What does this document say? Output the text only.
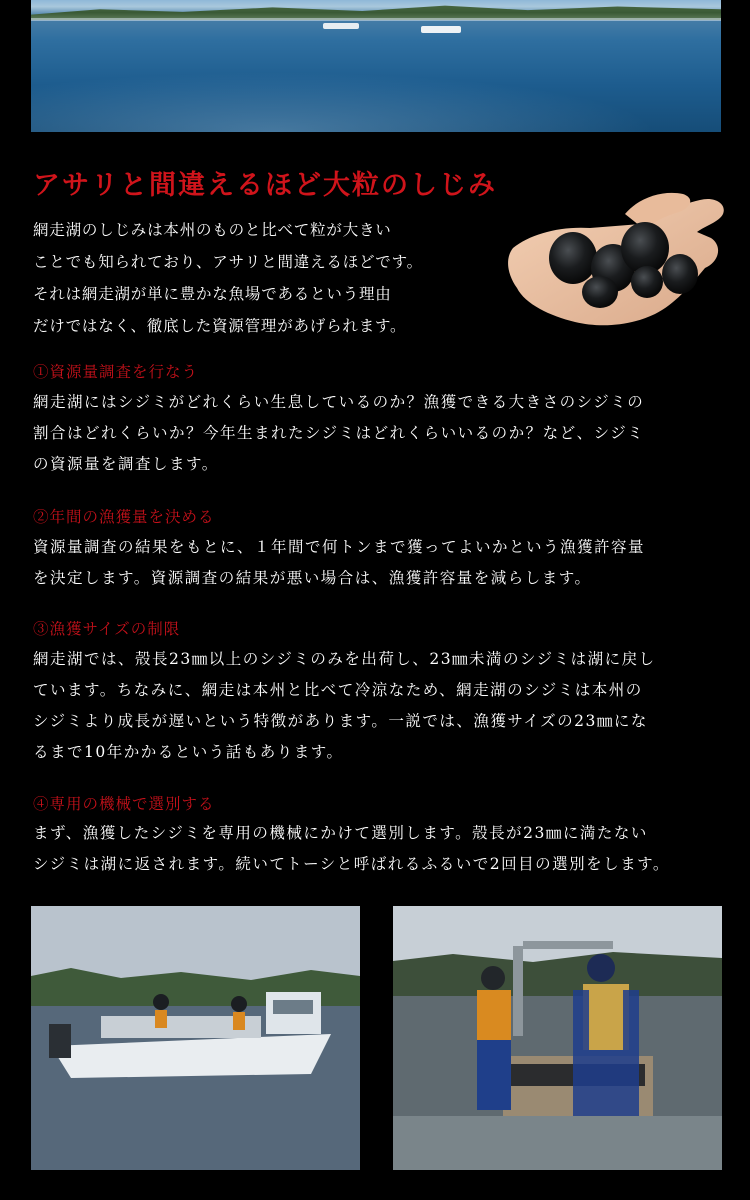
アサリと間違えるほど大粒のしじみ
網走湖のしじみは本州のものと比べて粒が大きい
ことでも知られており、アサリと間違えるほどです。
それは網走湖が単に豊かな魚場であるという理由
だけではなく、徹底した資源管理があげられます。
①資源量調査を行なう
網走湖にはシジミがどれくらい生息しているのか？漁獲できる大きさのシジミの
割合はどれくらいか？今年生まれたシジミはどれくらいいるのか？など、シジミ
の資源量を調査します。
②年間の漁獲量を決める
資源量調査の結果をもとに、１年間で何トンまで獲ってよいかという漁獲許容量
を決定します。資源調査の結果が悪い場合は、漁獲許容量を減らします。
③漁獲サイズの制限
網走湖では、殻長23㎜以上のシジミのみを出荷し、23㎜未満のシジミは湖に戻し
ています。ちなみに、網走は本州と比べて冷涼なため、網走湖のシジミは本州の
シジミより成長が遅いという特徴があります。一説では、漁獲サイズの23㎜にな
るまで10年かかるという話もあります。
④専用の機械で選別する
まず、漁獲したシジミを専用の機械にかけて選別します。殻長が23㎜に満たない
シジミは湖に返されます。続いてトーシと呼ばれるふるいで2回目の選別をします。
